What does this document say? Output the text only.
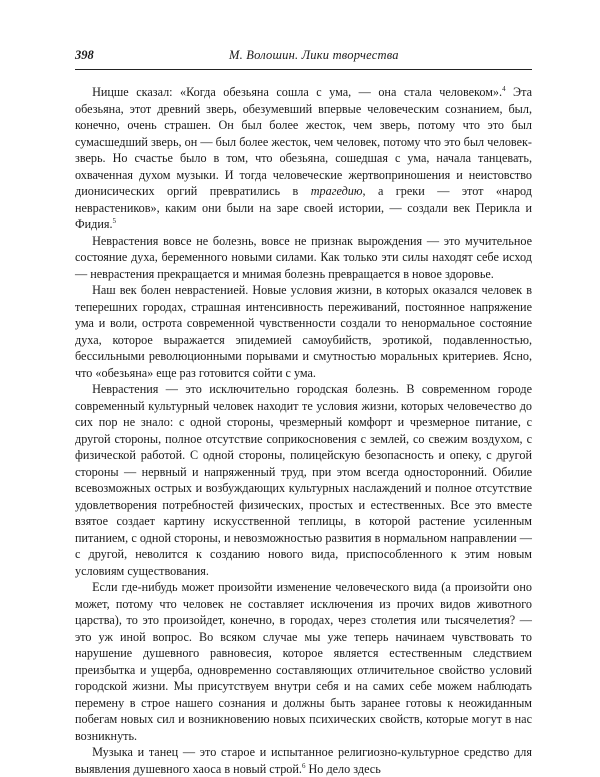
398	М. Волошин. Лики творчества

Ницше сказал: «Когда обезьяна сошла с ума, — она стала человеком».$^4$ Эта обезьяна, этот древний зверь, обезумевший впервые человеческим сознанием, был, конечно, очень страшен. Он был более жесток, чем зверь, потому что это был сумасшедший зверь, он — был более жесток, чем человек, потому что это был человек-зверь. Но счастье было в том, что обезьяна, сошедшая с ума, начала танцевать, охваченная духом музыки. И тогда человеческие жертвоприношения и неистовство дионисических оргий превратились в трагедию, а греки — этот «народ неврастеников», каким они были на заре своей истории, — создали век Перикла и Фидия.$^5$

Неврастения вовсе не болезнь, вовсе не признак вырождения — это мучительное состояние духа, беременного новыми силами. Как только эти силы находят себе исход — неврастения прекращается и мнимая болезнь превращается в новое здоровье.

Наш век болен неврастенией. Новые условия жизни, в которых оказался человек в теперешних городах, страшная интенсивность переживаний, постоянное напряжение ума и воли, острота современной чувственности создали то ненормальное состояние духа, которое выражается эпидемией самоубийств, эротикой, подавленностью, бессильными революционными порывами и смутностью моральных критериев. Ясно, что «обезьяна» еще раз готовится сойти с ума.

Неврастения — это исключительно городская болезнь. В современном городе современный культурный человек находит те условия жизни, которых человечество до сих пор не знало: с одной стороны, чрезмерный комфорт и чрезмерное питание, с другой стороны, полное отсутствие соприкосновения с землей, со свежим воздухом, с физической работой. С одной стороны, полицейскую безопасность и опеку, с другой стороны — нервный и напряженный труд, при этом всегда односторонний. Обилие всевозможных острых и возбуждающих культурных наслаждений и полное отсутствие удовлетворения потребностей физических, простых и естественных. Все это вместе взятое создает картину искусственной теплицы, в которой растение усиленным питанием, с одной стороны, и невозможностью развития в нормальном направлении — с другой, неволится к созданию нового вида, приспособленного к этим новым условиям существования.

Если где-нибудь может произойти изменение человеческого вида (а произойти оно может, потому что человек не составляет исключения из прочих видов животного царства), то это произойдет, конечно, в городах, через столетия или тысячелетия? — это уж иной вопрос. Во всяком случае мы уже теперь начинаем чувствовать то нарушение душевного равновесия, которое является естественным следствием преизбытка и ущерба, одновременно составляющих отличительное свойство условий городской жизни. Мы присутствуем внутри себя и на самих себе можем наблюдать перемену в строе нашего сознания и должны быть заранее готовы к неожиданным побегам новых сил и возникновению новых психических свойств, которые могут в нас возникнуть.

Музыка и танец — это старое и испытанное религиозно-культурное средство для выявления душевного хаоса в новый строй.$^6$ Но дело здесь
